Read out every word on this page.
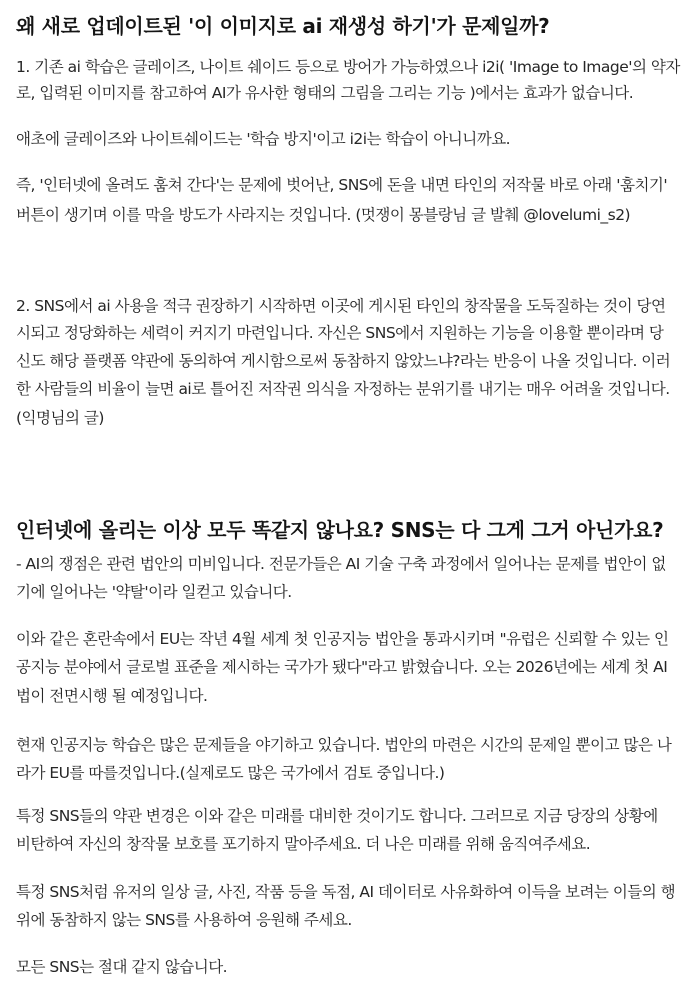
왜 새로 업데이트된 '이 이미지로 ai 재생성 하기'가 문제일까?
1. 기존 ai 학습은 글레이즈, 나이트 쉐이드 등으로 방어가 가능하였으나 i2i( 'Image to Image'의 약자
로, 입력된 이미지를 참고하여 AI가 유사한 형태의 그림을 그리는 기능 )에서는 효과가 없습니다.
애초에 글레이즈와 나이트쉐이드는 '학습 방지'이고 i2i는 학습이 아니니까요.
즉, '인터넷에 올려도 훔쳐 간다'는 문제에 벗어난, SNS에 돈을 내면 타인의 저작물 바로 아래 '훔치기'
버튼이 생기며 이를 막을 방도가 사라지는 것입니다. (멋쟁이 몽블랑님 글 발췌 @lovelumi_s2)
2. SNS에서 ai 사용을 적극 권장하기 시작하면 이곳에 게시된 타인의 창작물을 도둑질하는 것이 당연
시되고 정당화하는 세력이 커지기 마련입니다. 자신은 SNS에서 지원하는 기능을 이용할 뿐이라며 당
신도 해당 플랫폼 약관에 동의하여 게시함으로써 동참하지 않았느냐?라는 반응이 나올 것입니다. 이러
한 사람들의 비율이 늘면 ai로 틀어진 저작권 의식을 자정하는 분위기를 내기는 매우 어려울 것입니다.
(익명님의 글)
인터넷에 올리는 이상 모두 똑같지 않나요? SNS는 다 그게 그거 아닌가요?
- AI의 쟁점은 관련 법안의 미비입니다. 전문가들은 AI 기술 구축 과정에서 일어나는 문제를 법안이 없
기에 일어나는 '약탈'이라 일컫고 있습니다.
이와 같은 혼란속에서 EU는 작년 4월 세계 첫 인공지능 법안을 통과시키며 "유럽은 신뢰할 수 있는 인
공지능 분야에서 글로벌 표준을 제시하는 국가가 됐다"라고 밝혔습니다. 오는 2026년에는 세계 첫 AI
법이 전면시행 될 예정입니다.
현재 인공지능 학습은 많은 문제들을 야기하고 있습니다. 법안의 마련은 시간의 문제일 뿐이고 많은 나
라가 EU를 따를것입니다.(실제로도 많은 국가에서 검토 중입니다.)
특정 SNS들의 약관 변경은 이와 같은 미래를 대비한 것이기도 합니다. 그러므로 지금 당장의 상황에
비탄하여 자신의 창작물 보호를 포기하지 말아주세요. 더 나은 미래를 위해 움직여주세요.
특정 SNS처럼 유저의 일상 글, 사진, 작품 등을 독점, AI 데이터로 사유화하여 이득을 보려는 이들의 행
위에 동참하지 않는 SNS를 사용하여 응원해 주세요.
모든 SNS는 절대 같지 않습니다.
